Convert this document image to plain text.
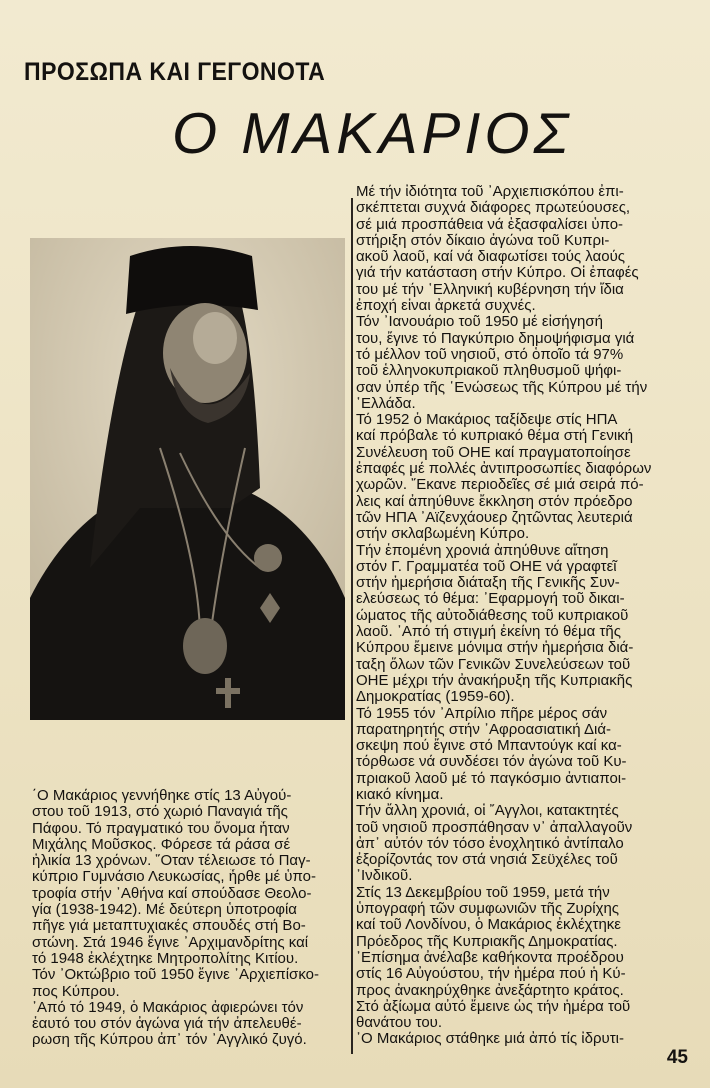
ΠΡΟΣΩΠΑ ΚΑΙ ΓΕΓΟΝΟΤΑ
Ο ΜΑΚΑΡΙΟΣ
΄Ο Μακάριος γεννήθηκε στίς 13 Αὐγού-
στου τοῦ 1913, στό χωριό Παναγιά τῆς
Πάφου. Τό πραγματικό του ὄνομα ἦταν
Μιχάλης Μοῦσκος. Φόρεσε τά ράσα σέ
ἡλικία 13 χρόνων. ῞Οταν τέλειωσε τό Παγ-
κύπριο Γυμνάσιο Λευκωσίας, ἦρθε μέ ὑπο-
τροφία στήν ᾽Αθήνα καί σπούδασε Θεολο-
γία (1938-1942). Μέ δεύτερη ὑποτροφία
πῆγε γιά μεταπτυχιακές σπουδές στή Βο-
στώνη. Στά 1946 ἔγινε ᾽Αρχιμανδρίτης καί
τό 1948 ἐκλέχτηκε Μητροπολίτης Κιτίου.
Τόν ᾽Οκτώβριο τοῦ 1950 ἔγινε ᾽Αρχιεπίσκο-
πος Κύπρου.
᾽Από τό 1949, ὁ Μακάριος ἀφιερώνει τόν
ἑαυτό του στόν ἀγώνα γιά τήν ἀπελευθέ-
ρωση τῆς Κύπρου ἀπ᾽ τόν ᾽Αγγλικό ζυγό.
Μέ τήν ἰδιότητα τοῦ ᾽Αρχιεπισκόπου ἐπι-
σκέπτεται συχνά διάφορες πρωτεύουσες,
σέ μιά προσπάθεια νά ἐξασφαλίσει ὑπο-
στήριξη στόν δίκαιο ἀγώνα τοῦ Κυπρι-
ακοῦ λαοῦ, καί νά διαφωτίσει τούς λαούς
γιά τήν κατάσταση στήν Κύπρο. Οἱ ἐπαφές
του μέ τήν ῾Ελληνική κυβέρνηση τήν ἴδια
ἐποχή εἶναι ἀρκετά συχνές.
Τόν ᾽Ιανουάριο τοῦ 1950 μέ εἰσήγησή
του, ἔγινε τό Παγκύπριο δημοψήφισμα γιά
τό μέλλον τοῦ νησιοῦ, στό ὁποῖο τά 97%
τοῦ ἑλληνοκυπριακοῦ πληθυσμοῦ ψήφι-
σαν ὑπέρ τῆς ῾Ενώσεως τῆς Κύπρου μέ τήν
῾Ελλάδα.
Τό 1952 ὁ Μακάριος ταξίδεψε στίς ΗΠΑ
καί πρόβαλε τό κυπριακό θέμα στή Γενική
Συνέλευση τοῦ ΟΗΕ καί πραγματοποίησε
ἐπαφές μέ πολλές ἀντιπροσωπίες διαφόρων
χωρῶν. ῎Εκανε περιοδεῖες σέ μιά σειρά πό-
λεις καί ἀπηύθυνε ἔκκληση στόν πρόεδρο
τῶν ΗΠΑ ᾽Αϊζενχάουερ ζητῶντας λευτεριά
στήν σκλαβωμένη Κύπρο.
Τήν ἑπομένη χρονιά ἀπηύθυνε αἴτηση
στόν Γ. Γραμματέα τοῦ ΟΗΕ νά γραφτεῖ
στήν ἡμερήσια διάταξη τῆς Γενικῆς Συν-
ελεύσεως τό θέμα: ᾽Εφαρμογή τοῦ δικαι-
ώματος τῆς αὐτοδιάθεσης τοῦ κυπριακοῦ
λαοῦ. ᾽Από τή στιγμή ἐκείνη τό θέμα τῆς
Κύπρου ἔμεινε μόνιμα στήν ἡμερήσια διά-
ταξη ὅλων τῶν Γενικῶν Συνελεύσεων τοῦ
ΟΗΕ μέχρι τήν ἀνακήρυξη τῆς Κυπριακῆς
Δημοκρατίας (1959-60).
Τό 1955 τόν ᾽Απρίλιο πῆρε μέρος σάν
παρατηρητής στήν ᾽Αφροασιατική Διά-
σκεψη πού ἔγινε στό Μπαντούγκ καί κα-
τόρθωσε νά συνδέσει τόν ἀγώνα τοῦ Κυ-
πριακοῦ λαοῦ μέ τό παγκόσμιο ἀντιαποι-
κιακό κίνημα.
Τήν ἄλλη χρονιά, οἱ ῎Αγγλοι, κατακτητές
τοῦ νησιοῦ προσπάθησαν ν᾽ ἀπαλλαγοῦν
ἀπ᾽ αὐτόν τόν τόσο ἐνοχλητικό ἀντίπαλο
ἐξορίζοντάς τον στά νησιά Σεϋχέλες τοῦ
᾽Ινδικοῦ.
Στίς 13 Δεκεμβρίου τοῦ 1959, μετά τήν
ὑπογραφή τῶν συμφωνιῶν τῆς Ζυρίχης
καί τοῦ Λονδίνου, ὁ Μακάριος ἐκλέχτηκε
Πρόεδρος τῆς Κυπριακῆς Δημοκρατίας.
᾽Επίσημα ἀνέλαβε καθήκοντα προέδρου
στίς 16 Αὐγούστου, τήν ἡμέρα πού ἡ Κύ-
προς ἀνακηρύχθηκε ἀνεξάρτητο κράτος.
Στό ἀξίωμα αὐτό ἔμεινε ὡς τήν ἡμέρα τοῦ
θανάτου του.
᾽Ο Μακάριος στάθηκε μιά ἀπό τίς ἰδρυτι-
45
